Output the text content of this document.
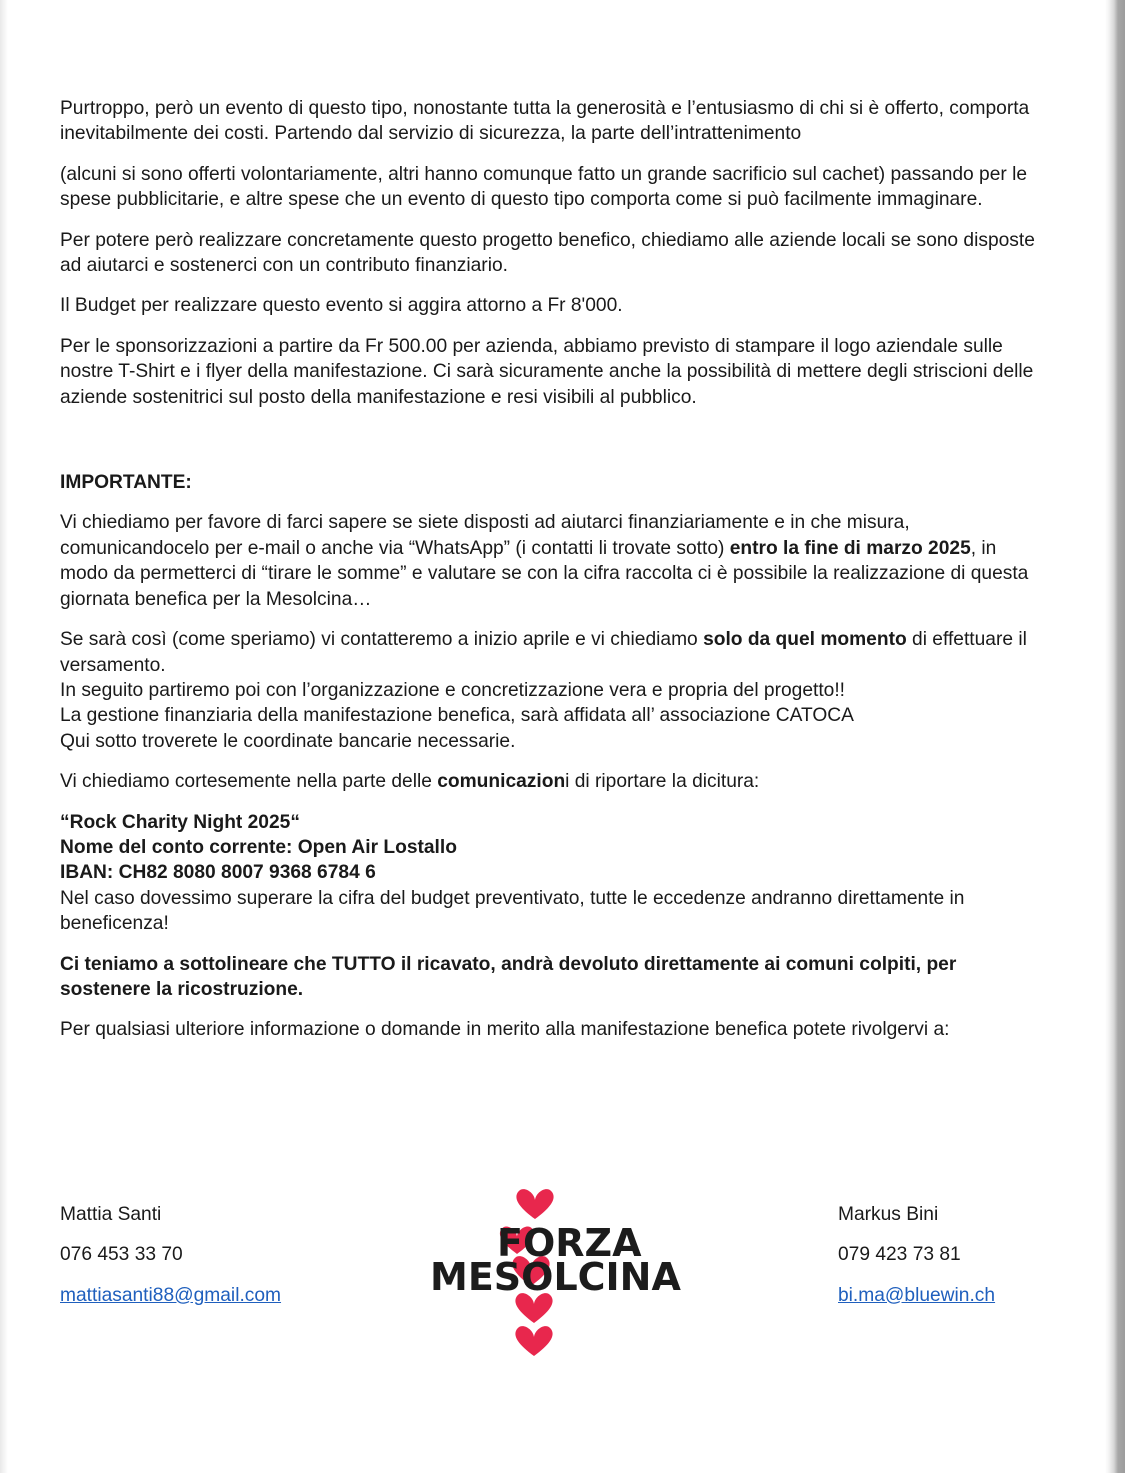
Purtroppo, però un evento di questo tipo, nonostante tutta la generosità e l’entusiasmo di chi si è offerto, comporta inevitabilmente dei costi. Partendo dal servizio di sicurezza, la parte dell’intrattenimento

(alcuni si sono offerti volontariamente, altri hanno comunque fatto un grande sacrificio sul cachet) passando per le spese pubblicitarie, e altre spese che un evento di questo tipo comporta come si può facilmente immaginare.

Per potere però realizzare concretamente questo progetto benefico, chiediamo alle aziende locali se sono disposte ad aiutarci e sostenerci con un contributo finanziario.

Il Budget per realizzare questo evento si aggira attorno a Fr 8'000.

Per le sponsorizzazioni a partire da Fr 500.00 per azienda, abbiamo previsto di stampare il logo aziendale sulle nostre T-Shirt e i flyer della manifestazione. Ci sarà sicuramente anche la possibilità di mettere degli striscioni delle aziende sostenitrici sul posto della manifestazione e resi visibili al pubblico.

IMPORTANTE:

Vi chiediamo per favore di farci sapere se siete disposti ad aiutarci finanziariamente e in che misura, comunicandocelo per e-mail o anche via “WhatsApp” (i contatti li trovate sotto) entro la fine di marzo 2025, in modo da permetterci di “tirare le somme” e valutare se con la cifra raccolta ci è possibile la realizzazione di questa giornata benefica per la Mesolcina…

Se sarà così (come speriamo) vi contatteremo a inizio aprile e vi chiediamo solo da quel momento di effettuare il versamento.
In seguito partiremo poi con l’organizzazione e concretizzazione vera e propria del progetto!!
La gestione finanziaria della manifestazione benefica, sarà affidata all’ associazione CATOCA
Qui sotto troverete le coordinate bancarie necessarie.

Vi chiediamo cortesemente nella parte delle comunicazioni di riportare la dicitura:

“Rock Charity Night 2025“
Nome del conto corrente: Open Air Lostallo
IBAN: CH82 8080 8007 9368 6784 6
Nel caso dovessimo superare la cifra del budget preventivato, tutte le eccedenze andranno direttamente in beneficenza!

Ci teniamo a sottolineare che TUTTO il ricavato, andrà devoluto direttamente ai comuni colpiti, per sostenere la ricostruzione.

Per qualsiasi ulteriore informazione o domande in merito alla manifestazione benefica potete rivolgervi a:

Mattia Santi
076 453 33 70
mattiasanti88@gmail.com
Markus Bini
079 423 73 81
bi.ma@bluewin.ch
FORZA
MESOLCINA
